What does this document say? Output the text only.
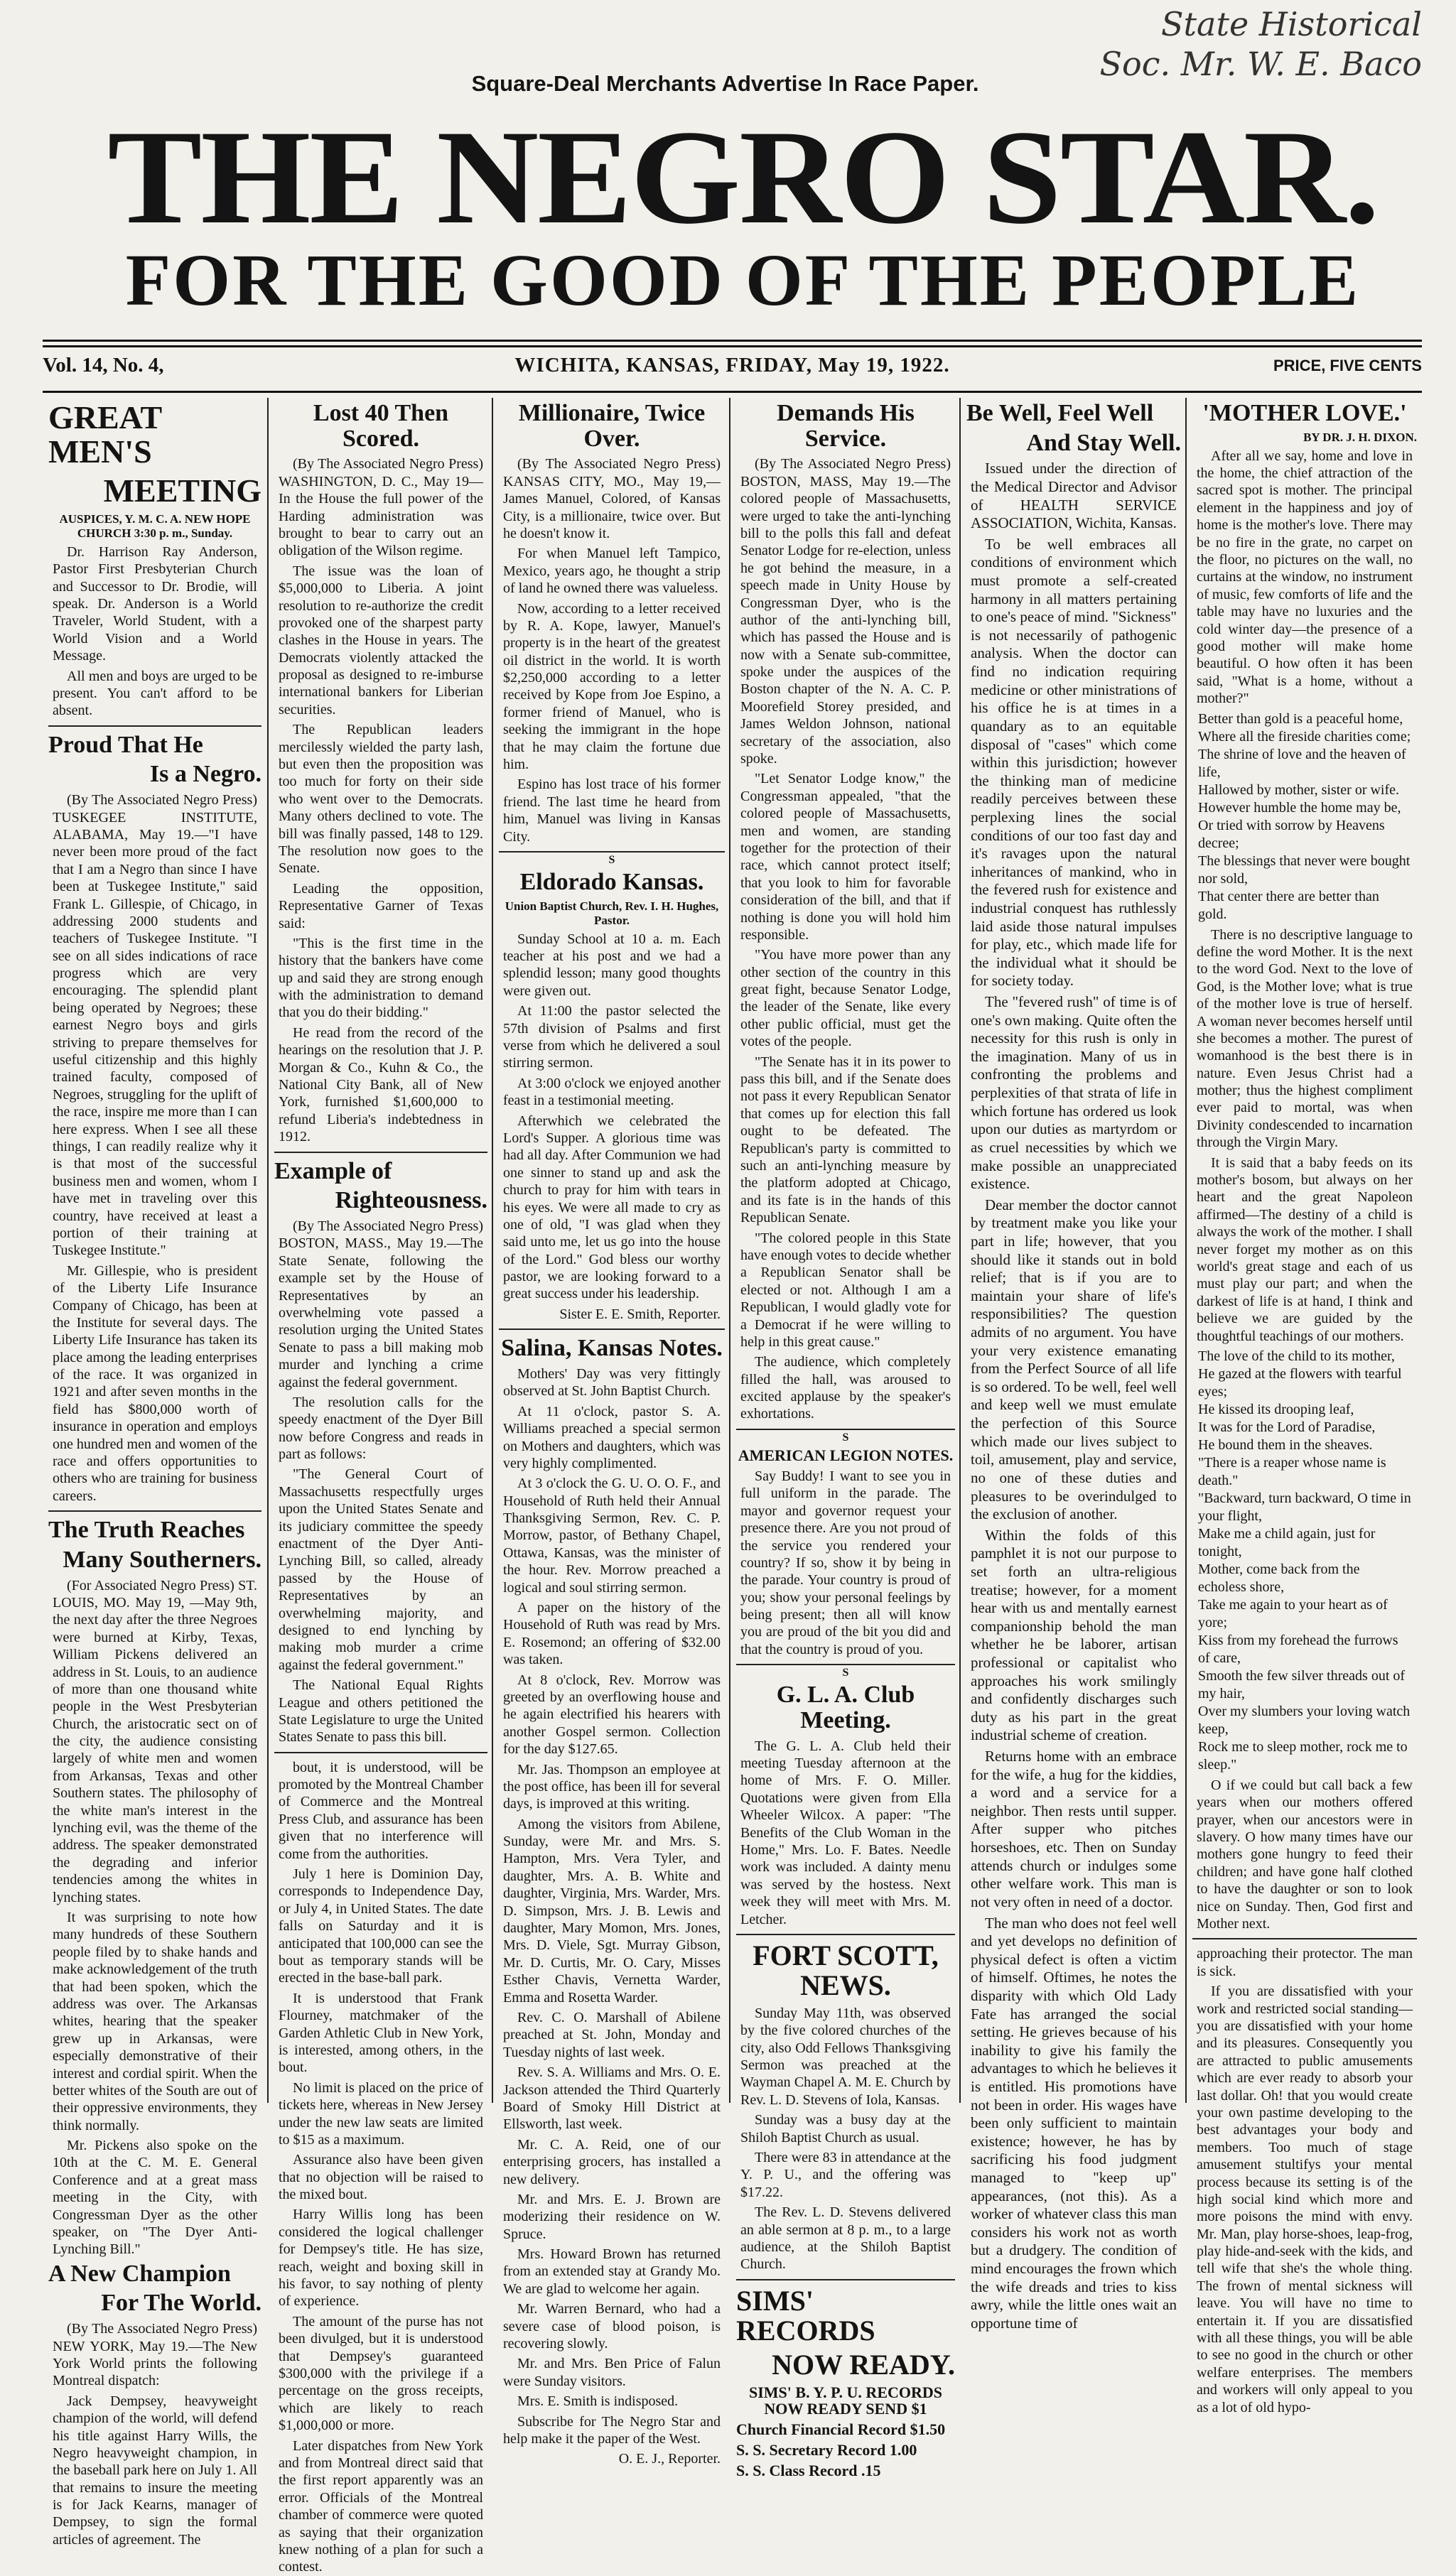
State Historical Soc. Mr. W. E. Baco
Square-Deal Merchants Advertise In Race Paper.
THE NEGRO STAR.
FOR THE GOOD OF THE PEOPLE
Vol. 14, No. 4,	WICHITA, KANSAS, FRIDAY, May 19, 1922.	PRICE, FIVE CENTS
GREAT MEN'S
MEETING
AUSPICES, Y. M. C. A. NEW HOPE CHURCH 3:30 p. m., Sunday.

Dr. Harrison Ray Anderson, Pastor First Presbyterian Church and Successor to Dr. Brodie, will speak. Dr. Anderson is a World Traveler, World Student, with a World Vision and a World Message.

All men and boys are urged to be present. You can't afford to be absent.

Proud That He
Is a Negro.

(By The Associated Negro Press) TUSKEGEE INSTITUTE, ALABAMA, May 19.—"I have never been more proud of the fact that I am a Negro than since I have been at Tuskegee Institute," said Frank L. Gillespie, of Chicago, in addressing 2000 students and teachers of Tuskegee Institute. "I see on all sides indications of race progress which are very encouraging. The splendid plant being operated by Negroes; these earnest Negro boys and girls striving to prepare themselves for useful citizenship and this highly trained faculty, composed of Negroes, struggling for the uplift of the race, inspire me more than I can here express. When I see all these things, I can readily realize why it is that most of the successful business men and women, whom I have met in traveling over this country, have received at least a portion of their training at Tuskegee Institute."

Mr. Gillespie, who is president of the Liberty Life Insurance Company of Chicago, has been at the Institute for several days. The Liberty Life Insurance has taken its place among the leading enterprises of the race. It was organized in 1921 and after seven months in the field has $800,000 worth of insurance in operation and employs one hundred men and women of the race and offers opportunities to others who are training for business careers.

The Truth Reaches
Many Southerners.

(For Associated Negro Press) ST. LOUIS, MO. May 19, —May 9th, the next day after the three Negroes were burned at Kirby, Texas, William Pickens delivered an address in St. Louis, to an audience of more than one thousand white people in the West Presbyterian Church, the aristocratic sect on of the city, the audience consisting largely of white men and women from Arkansas, Texas and other Southern states. The philosophy of the white man's interest in the lynching evil, was the theme of the address. The speaker demonstrated the degrading and inferior tendencies among the whites in lynching states.

It was surprising to note how many hundreds of these Southern people filed by to shake hands and make acknowledgement of the truth that had been spoken, which the address was over. The Arkansas whites, hearing that the speaker grew up in Arkansas, were especially demonstrative of their interest and cordial spirit. When the better whites of the South are out of their oppressive environments, they think normally.

Mr. Pickens also spoke on the 10th at the C. M. E. General Conference and at a great mass meeting in the City, with Congressman Dyer as the other speaker, on "The Dyer Anti-Lynching Bill."

A New Champion
For The World.

(By The Associated Negro Press) NEW YORK, May 19.—The New York World prints the following Montreal dispatch:

Jack Dempsey, heavyweight champion of the world, will defend his title against Harry Wills, the Negro heavyweight champion, in the baseball park here on July 1. All that remains to insure the meeting is for Jack Kearns, manager of Dempsey, to sign the formal articles of agreement. The

Lost 40 Then Scored.

(By The Associated Negro Press) WASHINGTON, D. C., May 19—In the House the full power of the Harding administration was brought to bear to carry out an obligation of the Wilson regime.

The issue was the loan of $5,000,000 to Liberia. A joint resolution to re-authorize the credit provoked one of the sharpest party clashes in the House in years. The Democrats violently attacked the proposal as designed to re-imburse international bankers for Liberian securities.

The Republican leaders mercilessly wielded the party lash, but even then the proposition was too much for forty on their side who went over to the Democrats. Many others declined to vote. The bill was finally passed, 148 to 129. The resolution now goes to the Senate.

Leading the opposition, Representative Garner of Texas said:

"This is the first time in the history that the bankers have come up and said they are strong enough with the administration to demand that you do their bidding."

He read from the record of the hearings on the resolution that J. P. Morgan & Co., Kuhn & Co., the National City Bank, all of New York, furnished $1,600,000 to refund Liberia's indebtedness in 1912.

Example of
Righteousness.

(By The Associated Negro Press) BOSTON, MASS., May 19.—The State Senate, following the example set by the House of Representatives by an overwhelming vote passed a resolution urging the United States Senate to pass a bill making mob murder and lynching a crime against the federal government.

The resolution calls for the speedy enactment of the Dyer Bill now before Congress and reads in part as follows:

"The General Court of Massachusetts respectfully urges upon the United States Senate and its judiciary committee the speedy enactment of the Dyer Anti-Lynching Bill, so called, already passed by the House of Representatives by an overwhelming majority, and designed to end lynching by making mob murder a crime against the federal government."

The National Equal Rights League and others petitioned the State Legislature to urge the United States Senate to pass this bill.

bout, it is understood, will be promoted by the Montreal Chamber of Commerce and the Montreal Press Club, and assurance has been given that no interference will come from the authorities.

July 1 here is Dominion Day, corresponds to Independence Day, or July 4, in United States. The date falls on Saturday and it is anticipated that 100,000 can see the bout as temporary stands will be erected in the base-ball park.

It is understood that Frank Flourney, matchmaker of the Garden Athletic Club in New York, is interested, among others, in the bout.

No limit is placed on the price of tickets here, whereas in New Jersey under the new law seats are limited to $15 as a maximum.

Assurance also have been given that no objection will be raised to the mixed bout.

Harry Willis long has been considered the logical challenger for Dempsey's title. He has size, reach, weight and boxing skill in his favor, to say nothing of plenty of experience.

The amount of the purse has not been divulged, but it is understood that Dempsey's guaranteed $300,000 with the privilege if a percentage on the gross receipts, which are likely to reach $1,000,000 or more.

Later dispatches from New York and from Montreal direct said that the first report apparently was an error. Officials of the Montreal chamber of commerce were quoted as saying that their organization knew nothing of a plan for such a contest.

Millionaire, Twice Over.

(By The Associated Negro Press) KANSAS CITY, MO., May 19,— James Manuel, Colored, of Kansas City, is a millionaire, twice over. But he doesn't know it.

For when Manuel left Tampico, Mexico, years ago, he thought a strip of land he owned there was valueless.

Now, according to a letter received by R. A. Kope, lawyer, Manuel's property is in the heart of the greatest oil district in the world. It is worth $2,250,000 according to a letter received by Kope from Joe Espino, a former friend of Manuel, who is seeking the immigrant in the hope that he may claim the fortune due him.

Espino has lost trace of his former friend. The last time he heard from him, Manuel was living in Kansas City.

S
Eldorado Kansas.
Union Baptist Church, Rev. I. H. Hughes, Pastor.

Sunday School at 10 a. m. Each teacher at his post and we had a splendid lesson; many good thoughts were given out.

At 11:00 the pastor selected the 57th division of Psalms and first verse from which he delivered a soul stirring sermon.

At 3:00 o'clock we enjoyed another feast in a testimonial meeting.

Afterwhich we celebrated the Lord's Supper. A glorious time was had all day. After Communion we had one sinner to stand up and ask the church to pray for him with tears in his eyes. We were all made to cry as one of old, "I was glad when they said unto me, let us go into the house of the Lord." God bless our worthy pastor, we are looking forward to a great success under his leadership.

Sister E. E. Smith, Reporter.

Salina, Kansas Notes.

Mothers' Day was very fittingly observed at St. John Baptist Church.

At 11 o'clock, pastor S. A. Williams preached a special sermon on Mothers and daughters, which was very highly complimented.

At 3 o'clock the G. U. O. O. F., and Household of Ruth held their Annual Thanksgiving Sermon, Rev. C. P. Morrow, pastor, of Bethany Chapel, Ottawa, Kansas, was the minister of the hour. Rev. Morrow preached a logical and soul stirring sermon.

A paper on the history of the Household of Ruth was read by Mrs. E. Rosemond; an offering of $32.00 was taken.

At 8 o'clock, Rev. Morrow was greeted by an overflowing house and he again electrified his hearers with another Gospel sermon. Collection for the day $127.65.

Mr. Jas. Thompson an employee at the post office, has been ill for several days, is improved at this writing.

Among the visitors from Abilene, Sunday, were Mr. and Mrs. S. Hampton, Mrs. Vera Tyler, and daughter, Mrs. A. B. White and daughter, Virginia, Mrs. Warder, Mrs. D. Simpson, Mrs. J. B. Lewis and daughter, Mary Momon, Mrs. Jones, Mrs. D. Viele, Sgt. Murray Gibson, Mr. D. Curtis, Mr. O. Cary, Misses Esther Chavis, Vernetta Warder, Emma and Rosetta Warder.

Rev. C. O. Marshall of Abilene preached at St. John, Monday and Tuesday nights of last week.

Rev. S. A. Williams and Mrs. O. E. Jackson attended the Third Quarterly Board of Smoky Hill District at Ellsworth, last week.

Mr. C. A. Reid, one of our enterprising grocers, has installed a new delivery.

Mr. and Mrs. E. J. Brown are moderizing their residence on W. Spruce.

Mrs. Howard Brown has returned from an extended stay at Grandy Mo. We are glad to welcome her again.

Mr. Warren Bernard, who had a severe case of blood poison, is recovering slowly.

Mr. and Mrs. Ben Price of Falun were Sunday visitors.

Mrs. E. Smith is indisposed.

Subscribe for The Negro Star and help make it the paper of the West.

O. E. J., Reporter.

Demands His Service.

(By The Associated Negro Press) BOSTON, MASS, May 19.—The colored people of Massachusetts, were urged to take the anti-lynching bill to the polls this fall and defeat Senator Lodge for re-election, unless he got behind the measure, in a speech made in Unity House by Congressman Dyer, who is the author of the anti-lynching bill, which has passed the House and is now with a Senate sub-committee, spoke under the auspices of the Boston chapter of the N. A. C. P. Moorefield Storey presided, and James Weldon Johnson, national secretary of the association, also spoke.

"Let Senator Lodge know," the Congressman appealed, "that the colored people of Massachusetts, men and women, are standing together for the protection of their race, which cannot protect itself; that you look to him for favorable consideration of the bill, and that if nothing is done you will hold him responsible.

"You have more power than any other section of the country in this great fight, because Senator Lodge, the leader of the Senate, like every other public official, must get the votes of the people.

"The Senate has it in its power to pass this bill, and if the Senate does not pass it every Republican Senator that comes up for election this fall ought to be defeated. The Republican's party is committed to such an anti-lynching measure by the platform adopted at Chicago, and its fate is in the hands of this Republican Senate.

"The colored people in this State have enough votes to decide whether a Republican Senator shall be elected or not. Although I am a Republican, I would gladly vote for a Democrat if he were willing to help in this great cause."

The audience, which completely filled the hall, was aroused to excited applause by the speaker's exhortations.

S
AMERICAN LEGION NOTES.

Say Buddy! I want to see you in full uniform in the parade. The mayor and governor request your presence there. Are you not proud of the service you rendered your country? If so, show it by being in the parade. Your country is proud of you; show your personal feelings by being present; then all will know you are proud of the bit you did and that the country is proud of you.

S
G. L. A. Club Meeting.

The G. L. A. Club held their meeting Tuesday afternoon at the home of Mrs. F. O. Miller. Quotations were given from Ella Wheeler Wilcox. A paper: "The Benefits of the Club Woman in the Home," Mrs. Lo. F. Bates. Needle work was included. A dainty menu was served by the hostess. Next week they will meet with Mrs. M. Letcher.

FORT SCOTT, NEWS.

Sunday May 11th, was observed by the five colored churches of the city, also Odd Fellows Thanksgiving Sermon was preached at the Wayman Chapel A. M. E. Church by Rev. L. D. Stevens of Iola, Kansas.

Sunday was a busy day at the Shiloh Baptist Church as usual.

There were 83 in attendance at the Y. P. U., and the offering was $17.22.

The Rev. L. D. Stevens delivered an able sermon at 8 p. m., to a large audience, at the Shiloh Baptist Church.

SIMS' RECORDS
NOW READY.
SIMS' B. Y. P. U. RECORDS NOW READY SEND $1
Church Financial Record $1.50
S. S. Secretary Record 1.00
S. S. Class Record .15
Be Well, Feel Well
And Stay Well.

Issued under the direction of the Medical Director and Advisor of HEALTH SERVICE ASSOCIATION, Wichita, Kansas.

To be well embraces all conditions of environment which must promote a self-created harmony in all matters pertaining to one's peace of mind. "Sickness" is not necessarily of pathogenic analysis. When the doctor can find no indication requiring medicine or other ministrations of his office he is at times in a quandary as to an equitable disposal of "cases" which come within this jurisdiction; however the thinking man of medicine readily perceives between these perplexing lines the social conditions of our too fast day and it's ravages upon the natural inheritances of mankind, who in the fevered rush for existence and industrial conquest has ruthlessly laid aside those natural impulses for play, etc., which made life for the individual what it should be for society today.

The "fevered rush" of time is of one's own making. Quite often the necessity for this rush is only in the imagination. Many of us in confronting the problems and perplexities of that strata of life in which fortune has ordered us look upon our duties as martyrdom or as cruel necessities by which we make possible an unappreciated existence.

Dear member the doctor cannot by treatment make you like your part in life; however, that you should like it stands out in bold relief; that is if you are to maintain your share of life's responsibilities? The question admits of no argument. You have your very existence emanating from the Perfect Source of all life is so ordered. To be well, feel well and keep well we must emulate the perfection of this Source which made our lives subject to toil, amusement, play and service, no one of these duties and pleasures to be overindulged to the exclusion of another.

Within the folds of this pamphlet it is not our purpose to set forth an ultra-religious treatise; however, for a moment hear with us and mentally earnest companionship behold the man whether he be laborer, artisan professional or capitalist who approaches his work smilingly and confidently discharges such duty as his part in the great industrial scheme of creation.

Returns home with an embrace for the wife, a hug for the kiddies, a word and a service for a neighbor. Then rests until supper. After supper who pitches horseshoes, etc. Then on Sunday attends church or indulges some other welfare work. This man is not very often in need of a doctor.

The man who does not feel well and yet develops no definition of physical defect is often a victim of himself. Oftimes, he notes the disparity with which Old Lady Fate has arranged the social setting. He grieves because of his inability to give his family the advantages to which he believes it is entitled. His promotions have not been in order. His wages have been only sufficient to maintain existence; however, he has by sacrificing his food judgment managed to "keep up" appearances, (not this). As a worker of whatever class this man considers his work not as worth but a drudgery. The condition of mind encourages the frown which the wife dreads and tries to kiss awry, while the little ones wait an opportune time of

'MOTHER LOVE.'
BY DR. J. H. DIXON.

After all we say, home and love in the home, the chief attraction of the sacred spot is mother. The principal element in the happiness and joy of home is the mother's love. There may be no fire in the grate, no carpet on the floor, no pictures on the wall, no curtains at the window, no instrument of music, few comforts of life and the table may have no luxuries and the cold winter day—the presence of a good mother will make home beautiful. O how often it has been said, "What is a home, without a mother?"

Better than gold is a peaceful home,
Where all the fireside charities come;
The shrine of love and the heaven of life,
Hallowed by mother, sister or wife.
However humble the home may be,
Or tried with sorrow by Heavens decree;
The blessings that never were bought nor sold,
That center there are better than gold.

There is no descriptive language to define the word Mother. It is the next to the word God. Next to the love of God, is the Mother love; what is true of the mother love is true of herself. A woman never becomes herself until she becomes a mother. The purest of womanhood is the best there is in nature. Even Jesus Christ had a mother; thus the highest compliment ever paid to mortal, was when Divinity condescended to incarnation through the Virgin Mary.

It is said that a baby feeds on its mother's bosom, but always on her heart and the great Napoleon affirmed—The destiny of a child is always the work of the mother. I shall never forget my mother as on this world's great stage and each of us must play our part; and when the darkest of life is at hand, I think and believe we are guided by the thoughtful teachings of our mothers.

The love of the child to its mother,
He gazed at the flowers with tearful eyes;
He kissed its drooping leaf,
It was for the Lord of Paradise,
He bound them in the sheaves.
"There is a reaper whose name is death."
"Backward, turn backward, O time in your flight,
Make me a child again, just for tonight,
Mother, come back from the echoless shore,
Take me again to your heart as of yore;
Kiss from my forehead the furrows of care,
Smooth the few silver threads out of my hair,
Over my slumbers your loving watch keep,
Rock me to sleep mother, rock me to sleep."

O if we could but call back a few years when our mothers offered prayer, when our ancestors were in slavery. O how many times have our mothers gone hungry to feed their children; and have gone half clothed to have the daughter or son to look nice on Sunday. Then, God first and Mother next.

approaching their protector. The man is sick.

If you are dissatisfied with your work and restricted social standing—you are dissatisfied with your home and its pleasures. Consequently you are attracted to public amusements which are ever ready to absorb your last dollar. Oh! that you would create your own pastime developing to the best advantages your body and members. Too much of stage amusement stultifys your mental process because its setting is of the high social kind which more and more poisons the mind with envy. Mr. Man, play horse-shoes, leap-frog, play hide-and-seek with the kids, and tell wife that she's the whole thing. The frown of mental sickness will leave. You will have no time to entertain it. If you are dissatisfied with all these things, you will be able to see no good in the church or other welfare enterprises. The members and workers will only appeal to you as a lot of old hypo-
